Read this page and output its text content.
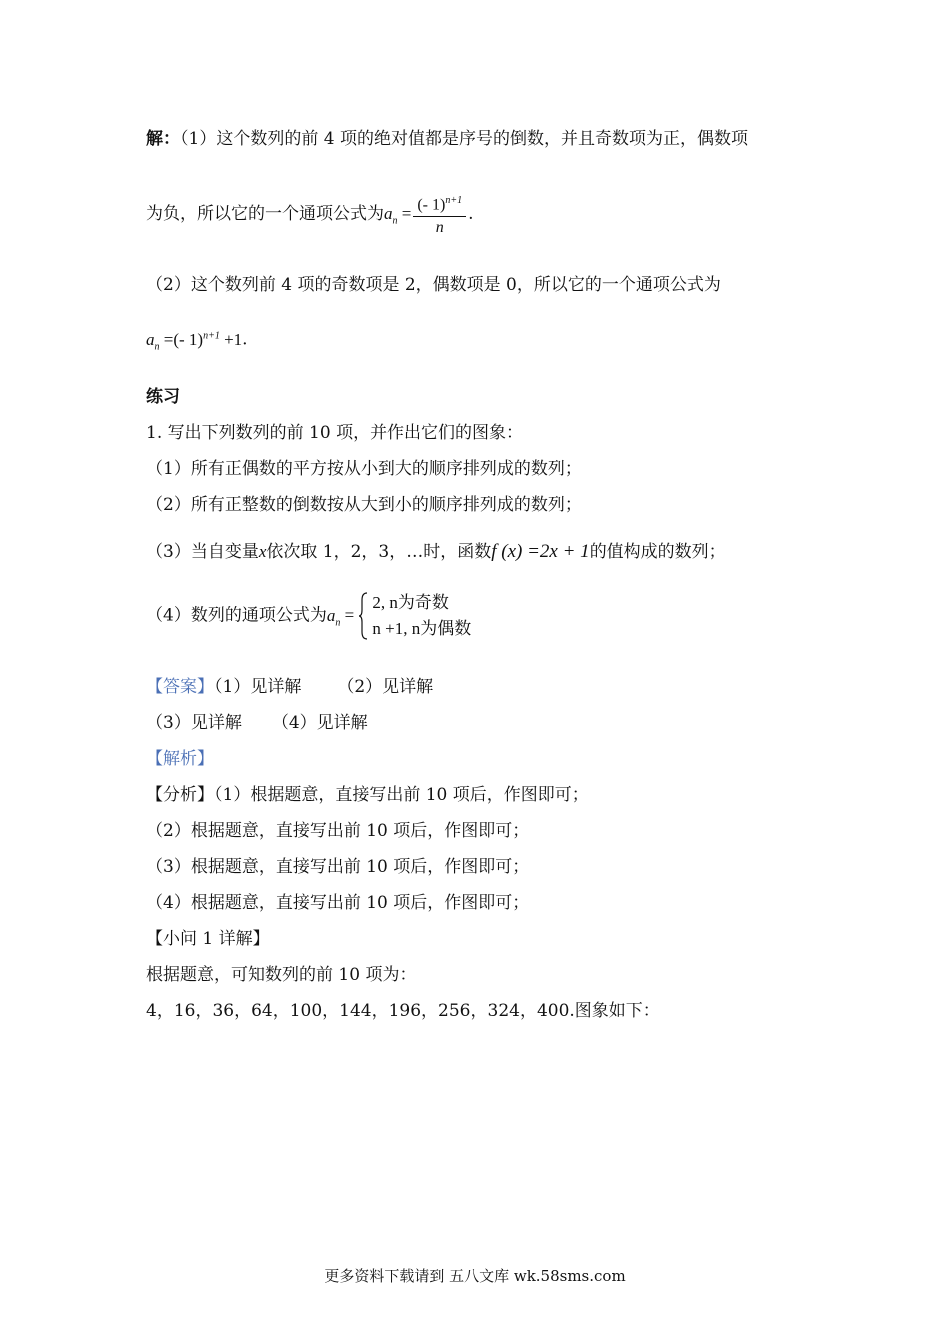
解：（1）这个数列的前 4 项的绝对值都是序号的倒数，并且奇数项为正，偶数项
为负，所以它的一个通项公式为$a_n = \frac{(- 1)^{n+1}}{n}$ .
（2）这个数列前 4 项的奇数项是 2，偶数项是 0，所以它的一个通项公式为
$a_n$ =(- 1)$^{n+1}$ +1.
练习
1. 写出下列数列的前 10 项，并作出它们的图象：
（1）所有正偶数的平方按从小到大的顺序排列成的数列；
（2）所有正整数的倒数按从大到小的顺序排列成的数列；
（3）当自变量x依次取 1，2，3，…时，函数f (x) =2x + 1的值构成的数列；
（4）数列的通项公式为$a_n$ =
2, n为奇数
n +1, n为偶数
【答案】（1）见详解 （2）见详解
（3）见详解 （4）见详解
【解析】
【分析】（1）根据题意，直接写出前 10 项后，作图即可；
（2）根据题意，直接写出前 10 项后，作图即可；
（3）根据题意，直接写出前 10 项后，作图即可；
（4）根据题意，直接写出前 10 项后，作图即可；
【小问 1 详解】
根据题意，可知数列的前 10 项为：
4，16，36，64，100，144，196，256，324，400.图象如下：
更多资料下载请到 五八文库 wk.58sms.com
